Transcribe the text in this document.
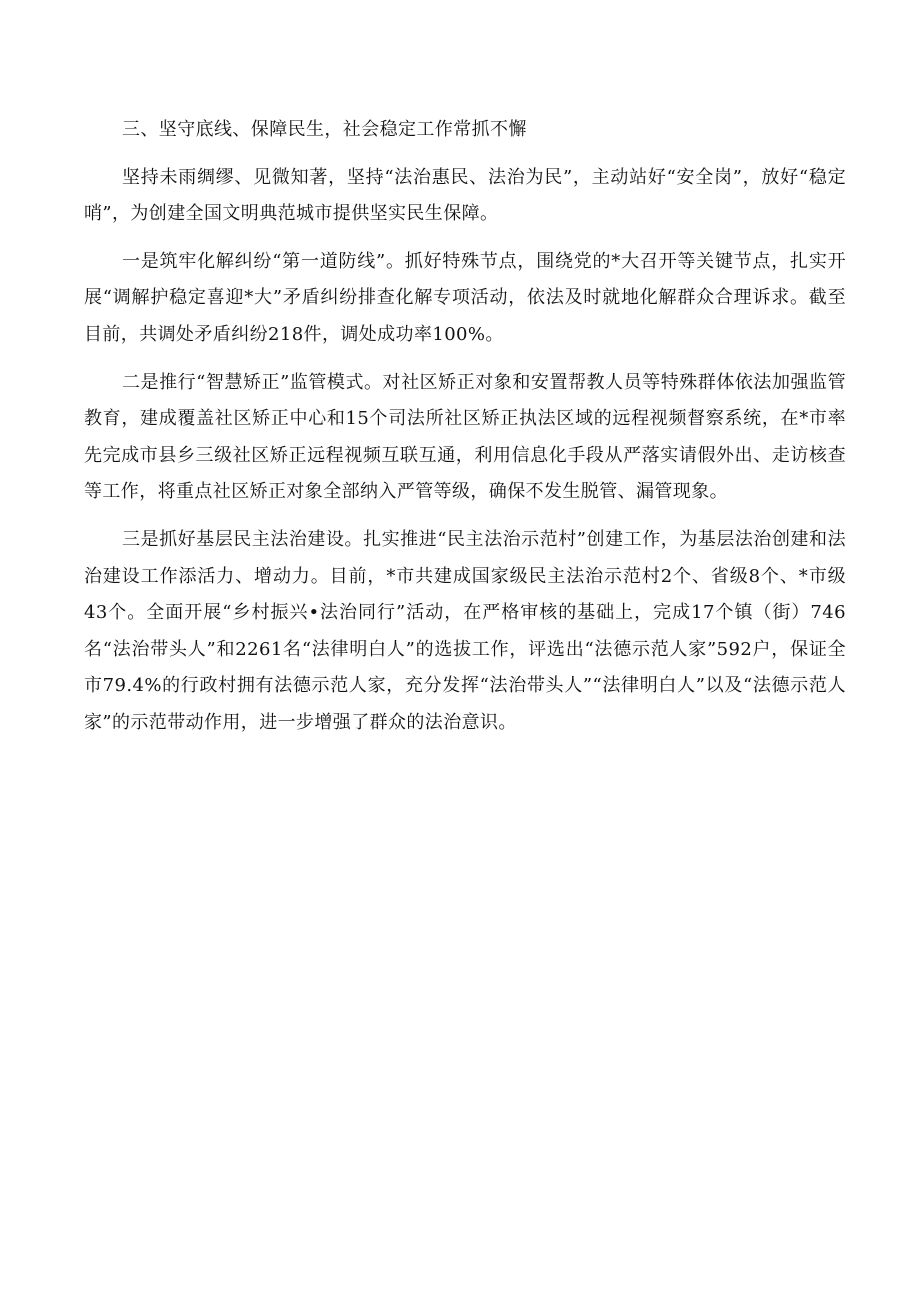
三、坚守底线、保障民生，社会稳定工作常抓不懈

坚持未雨绸缪、见微知著，坚持“法治惠民、法治为民”，主动站好“安全岗”，放好“稳定哨”，为创建全国文明典范城市提供坚实民生保障。

一是筑牢化解纠纷“第一道防线”。抓好特殊节点，围绕党的*大召开等关键节点，扎实开展“调解护稳定喜迎*大”矛盾纠纷排查化解专项活动，依法及时就地化解群众合理诉求。截至目前，共调处矛盾纠纷218件，调处成功率100%。

二是推行“智慧矫正”监管模式。对社区矫正对象和安置帮教人员等特殊群体依法加强监管教育，建成覆盖社区矫正中心和15个司法所社区矫正执法区域的远程视频督察系统，在*市率先完成市县乡三级社区矫正远程视频互联互通，利用信息化手段从严落实请假外出、走访核查等工作，将重点社区矫正对象全部纳入严管等级，确保不发生脱管、漏管现象。

三是抓好基层民主法治建设。扎实推进“民主法治示范村”创建工作，为基层法治创建和法治建设工作添活力、增动力。目前，*市共建成国家级民主法治示范村2个、省级8个、*市级43个。全面开展“乡村振兴•法治同行”活动，在严格审核的基础上，完成17个镇（街）746名“法治带头人”和2261名“法律明白人”的选拔工作，评选出“法德示范人家”592户，保证全市79.4%的行政村拥有法德示范人家，充分发挥“法治带头人”“法律明白人”以及“法德示范人家”的示范带动作用，进一步增强了群众的法治意识。
